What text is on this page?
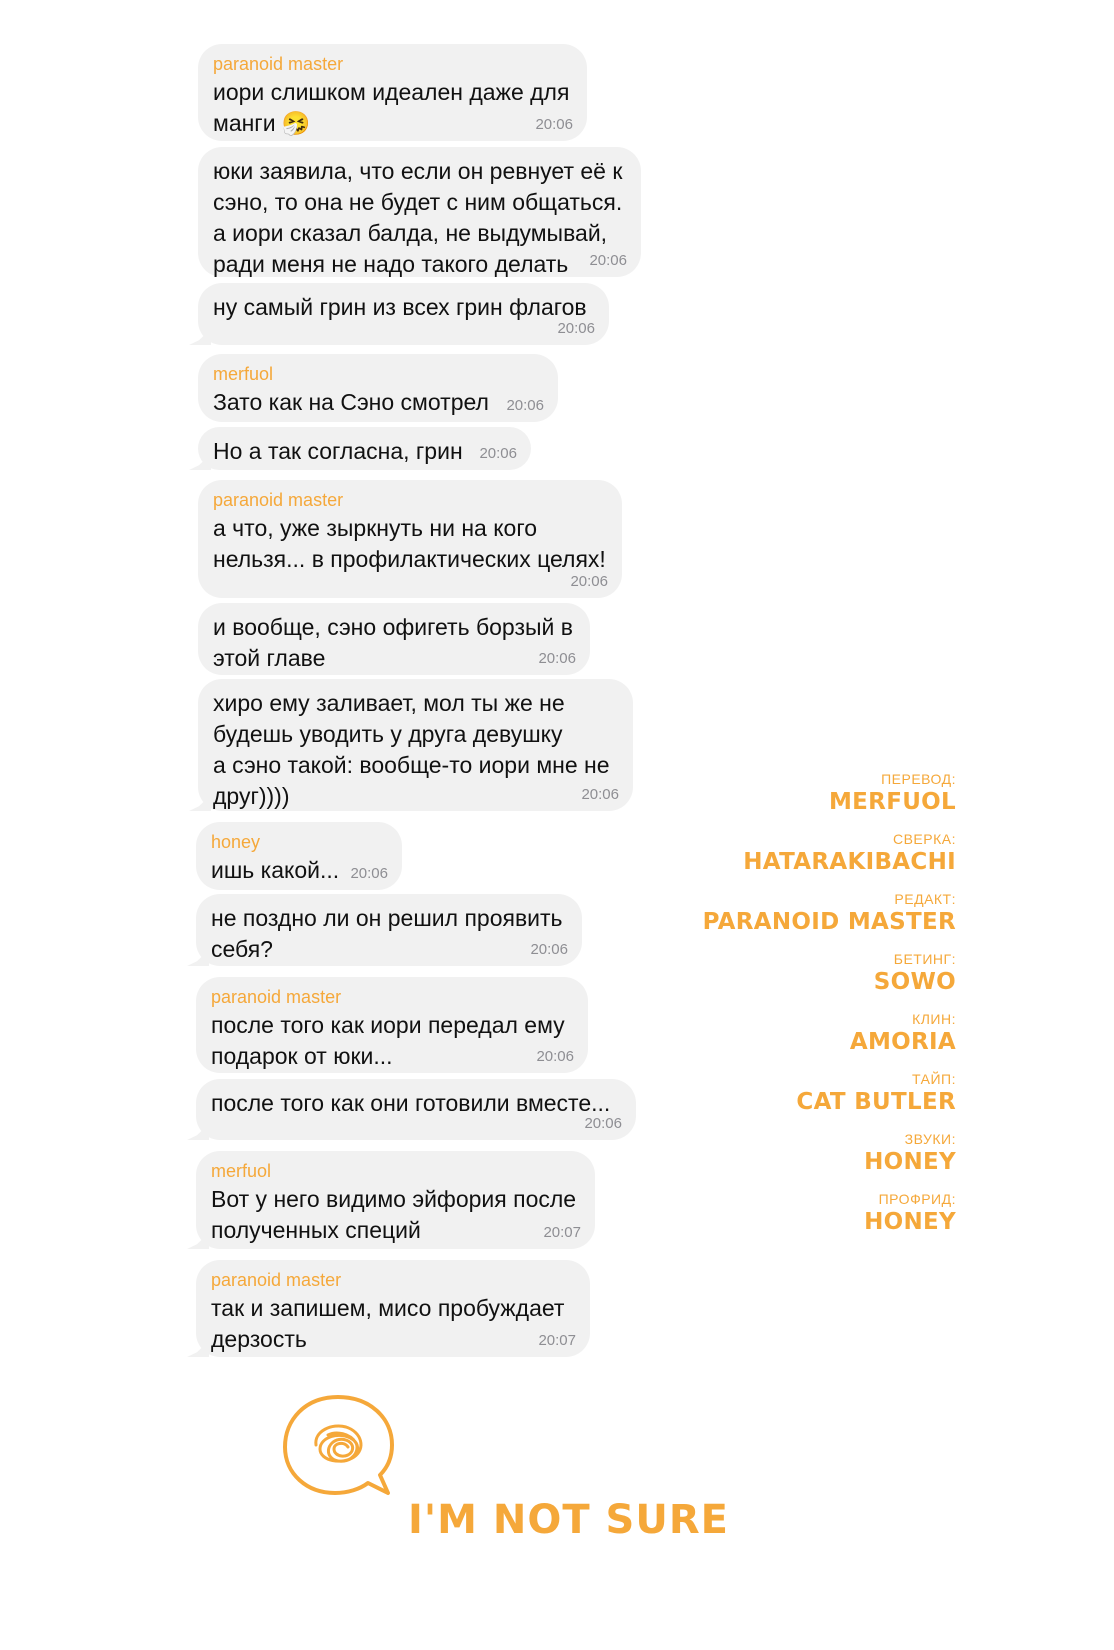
paranoid master
иори слишком идеален даже для
манги 🤧	20:06
юки заявила, что если он ревнует её к
сэно, то она не будет с ним общаться.
а иори сказал балда, не выдумывай,
ради меня не надо такого делать	20:06
ну самый грин из всех грин флагов
20:06
merfuol
Зато как на Сэно смотрел	20:06
Но а так согласна, грин	20:06
paranoid master
а что, уже зыркнуть ни на кого
нельзя... в профилактических целях!
20:06
и вообще, сэно офигеть борзый в
этой главе	20:06
хиро ему заливает, мол ты же не
будешь уводить у друга девушку
а сэно такой: вообще-то иори мне не
друг))))	20:06
honey
ишь какой... 20:06
не поздно ли он решил проявить
себя?	20:06
paranoid master
после того как иори передал ему
подарок от юки...	20:06
после того как они готовили вместе...
20:06
merfuol
Вот у него видимо эйфория после
полученных специй	20:07
paranoid master
так и запишем, мисо пробуждает
дерзость	20:07
ПЕРЕВОД:
MERFUOL
СВЕРКА:
HATARAKIBACHI
РЕДАКТ:
PARANOID MASTER
БЕТИНГ:
SOWO
КЛИН:
AMORIA
ТАЙП:
CAT BUTLER
ЗВУКИ:
HONEY
ПРОФРИД:
HONEY
I'M NOT SURE
